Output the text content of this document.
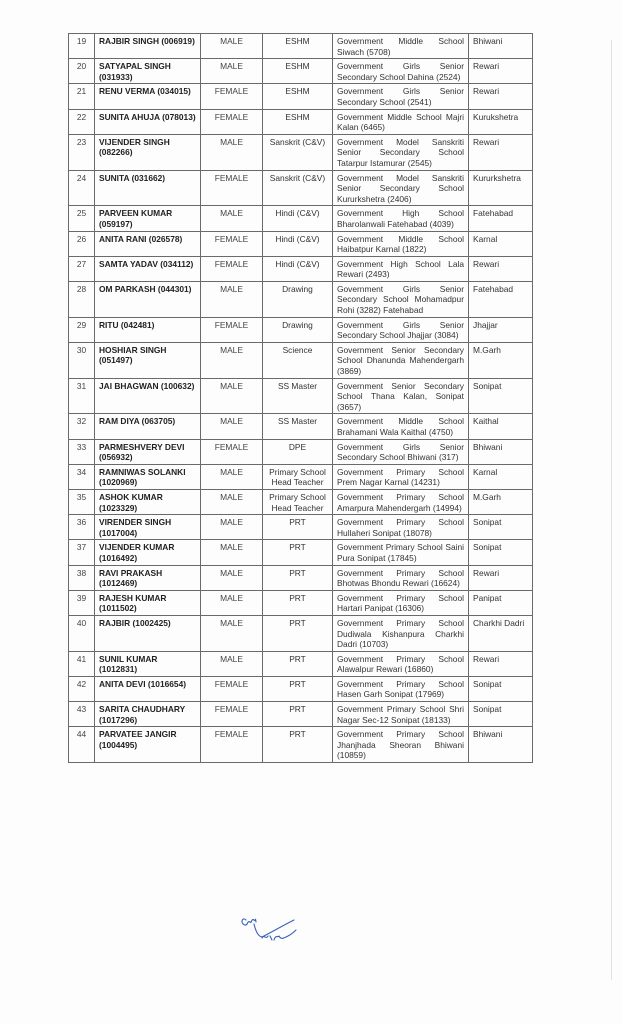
19	RAJBIR SINGH (006919)	MALE	ESHM	Government Middle School Siwach (5708)	Bhiwani
20	SATYAPAL SINGH (031933)	MALE	ESHM	Government Girls Senior Secondary School Dahina (2524)	Rewari
21	RENU VERMA (034015)	FEMALE	ESHM	Government Girls Senior Secondary School (2541)	Rewari
22	SUNITA AHUJA (078013)	FEMALE	ESHM	Government Middle School Majri Kalan (6465)	Kurukshetra
23	VIJENDER SINGH (082266)	MALE	Sanskrit (C&V)	Government Model Sanskriti Senior Secondary School Tatarpur Istamurar (2545)	Rewari
24	SUNITA (031662)	FEMALE	Sanskrit (C&V)	Government Model Sanskriti Senior Secondary School Kururkshetra (2406)	Kururkshetra
25	PARVEEN KUMAR (059197)	MALE	Hindi (C&V)	Government High School Bharolanwali Fatehabad (4039)	Fatehabad
26	ANITA RANI (026578)	FEMALE	Hindi (C&V)	Government Middle School Haibatpur Karnal (1822)	Karnal
27	SAMTA YADAV (034112)	FEMALE	Hindi (C&V)	Government High School Lala Rewari (2493)	Rewari
28	OM PARKASH (044301)	MALE	Drawing	Government Girls Senior Secondary School Mohamadpur Rohi (3282) Fatehabad	Fatehabad
29	RITU (042481)	FEMALE	Drawing	Government Girls Senior Secondary School Jhajjar (3084)	Jhajjar
30	HOSHIAR SINGH (051497)	MALE	Science	Government Senior Secondary School Dhanunda Mahendergarh (3869)	M.Garh
31	JAI BHAGWAN (100632)	MALE	SS Master	Government Senior Secondary School Thana Kalan, Sonipat (3657)	Sonipat
32	RAM DIYA (063705)	MALE	SS Master	Government Middle School Brahamani Wala Kaithal (4750)	Kaithal
33	PARMESHVERY DEVI (056932)	FEMALE	DPE	Government Girls Senior Secondary School Bhiwani (317)	Bhiwani
34	RAMNIWAS SOLANKI (1020969)	MALE	Primary School Head Teacher	Government Primary School Prem Nagar Karnal (14231)	Karnal
35	ASHOK KUMAR (1023329)	MALE	Primary School Head Teacher	Government Primary School Amarpura Mahendergarh (14994)	M.Garh
36	VIRENDER SINGH (1017004)	MALE	PRT	Government Primary School Hullaheri Sonipat (18078)	Sonipat
37	VIJENDER KUMAR (1016492)	MALE	PRT	Government Primary School Saini Pura Sonipat (17845)	Sonipat
38	RAVI PRAKASH (1012469)	MALE	PRT	Government Primary School Bhotwas Bhondu Rewari (16624)	Rewari
39	RAJESH KUMAR (1011502)	MALE	PRT	Government Primary School Hartari Panipat (16306)	Panipat
40	RAJBIR (1002425)	MALE	PRT	Government Primary School Dudiwala Kishanpura Charkhi Dadri (10703)	Charkhi Dadri
41	SUNIL KUMAR (1012831)	MALE	PRT	Government Primary School Alawalpur Rewari (16860)	Rewari
42	ANITA DEVI (1016654)	FEMALE	PRT	Government Primary School Hasen Garh Sonipat (17969)	Sonipat
43	SARITA CHAUDHARY (1017296)	FEMALE	PRT	Government Primary School Shri Nagar Sec-12 Sonipat (18133)	Sonipat
44	PARVATEE JANGIR (1004495)	FEMALE	PRT	Government Primary School Jhanjhada Sheoran Bhiwani (10859)	Bhiwani
